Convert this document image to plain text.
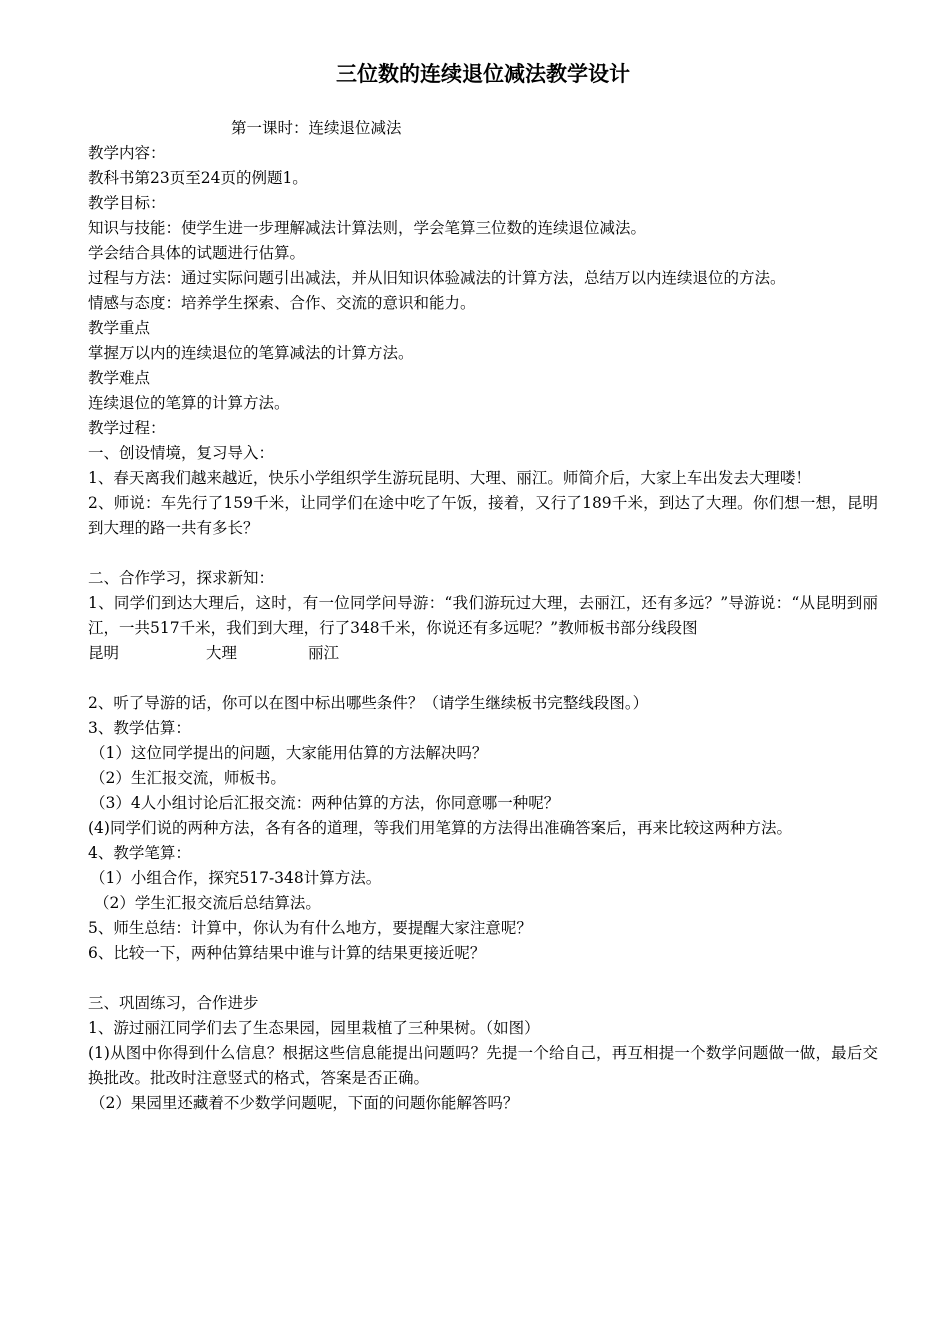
三位数的连续退位减法教学设计
第一课时：连续退位减法
教学内容：
教科书第23页至24页的例题1。
教学目标：
知识与技能：使学生进一步理解减法计算法则，学会笔算三位数的连续退位减法。
学会结合具体的试题进行估算。
过程与方法：通过实际问题引出减法，并从旧知识体验减法的计算方法，总结万以内连续退位的方法。
情感与态度：培养学生探索、合作、交流的意识和能力。
教学重点
掌握万以内的连续退位的笔算减法的计算方法。
教学难点
连续退位的笔算的计算方法。
教学过程：
一、创设情境，复习导入：
1、春天离我们越来越近，快乐小学组织学生游玩昆明、大理、丽江。师简介后，大家上车出发去大理喽！
2、师说：车先行了159千米，让同学们在途中吃了午饭，接着，又行了189千米，到达了大理。你们想一想，昆明到大理的路一共有多长？
二、合作学习，探求新知：
1、同学们到达大理后，这时，有一位同学问导游：“我们游玩过大理，去丽江，还有多远？”导游说：“从昆明到丽江，一共517千米，我们到大理，行了348千米，你说还有多远呢？”教师板书部分线段图
昆明	大理	丽江
2、听了导游的话，你可以在图中标出哪些条件？（请学生继续板书完整线段图。）
3、教学估算：
（1）这位同学提出的问题，大家能用估算的方法解决吗？
（2）生汇报交流，师板书。
（3）4人小组讨论后汇报交流：两种估算的方法，你同意哪一种呢？
(4)同学们说的两种方法，各有各的道理，等我们用笔算的方法得出准确答案后，再来比较这两种方法。
4、教学笔算：
（1）小组合作，探究517-348计算方法。
（2）学生汇报交流后总结算法。
5、师生总结：计算中，你认为有什么地方，要提醒大家注意呢？
6、比较一下，两种估算结果中谁与计算的结果更接近呢？
三、巩固练习，合作进步
1、游过丽江同学们去了生态果园，园里栽植了三种果树。（如图）
(1)从图中你得到什么信息？根据这些信息能提出问题吗？先提一个给自己，再互相提一个数学问题做一做，最后交换批改。批改时注意竖式的格式，答案是否正确。
（2）果园里还藏着不少数学问题呢，下面的问题你能解答吗？
